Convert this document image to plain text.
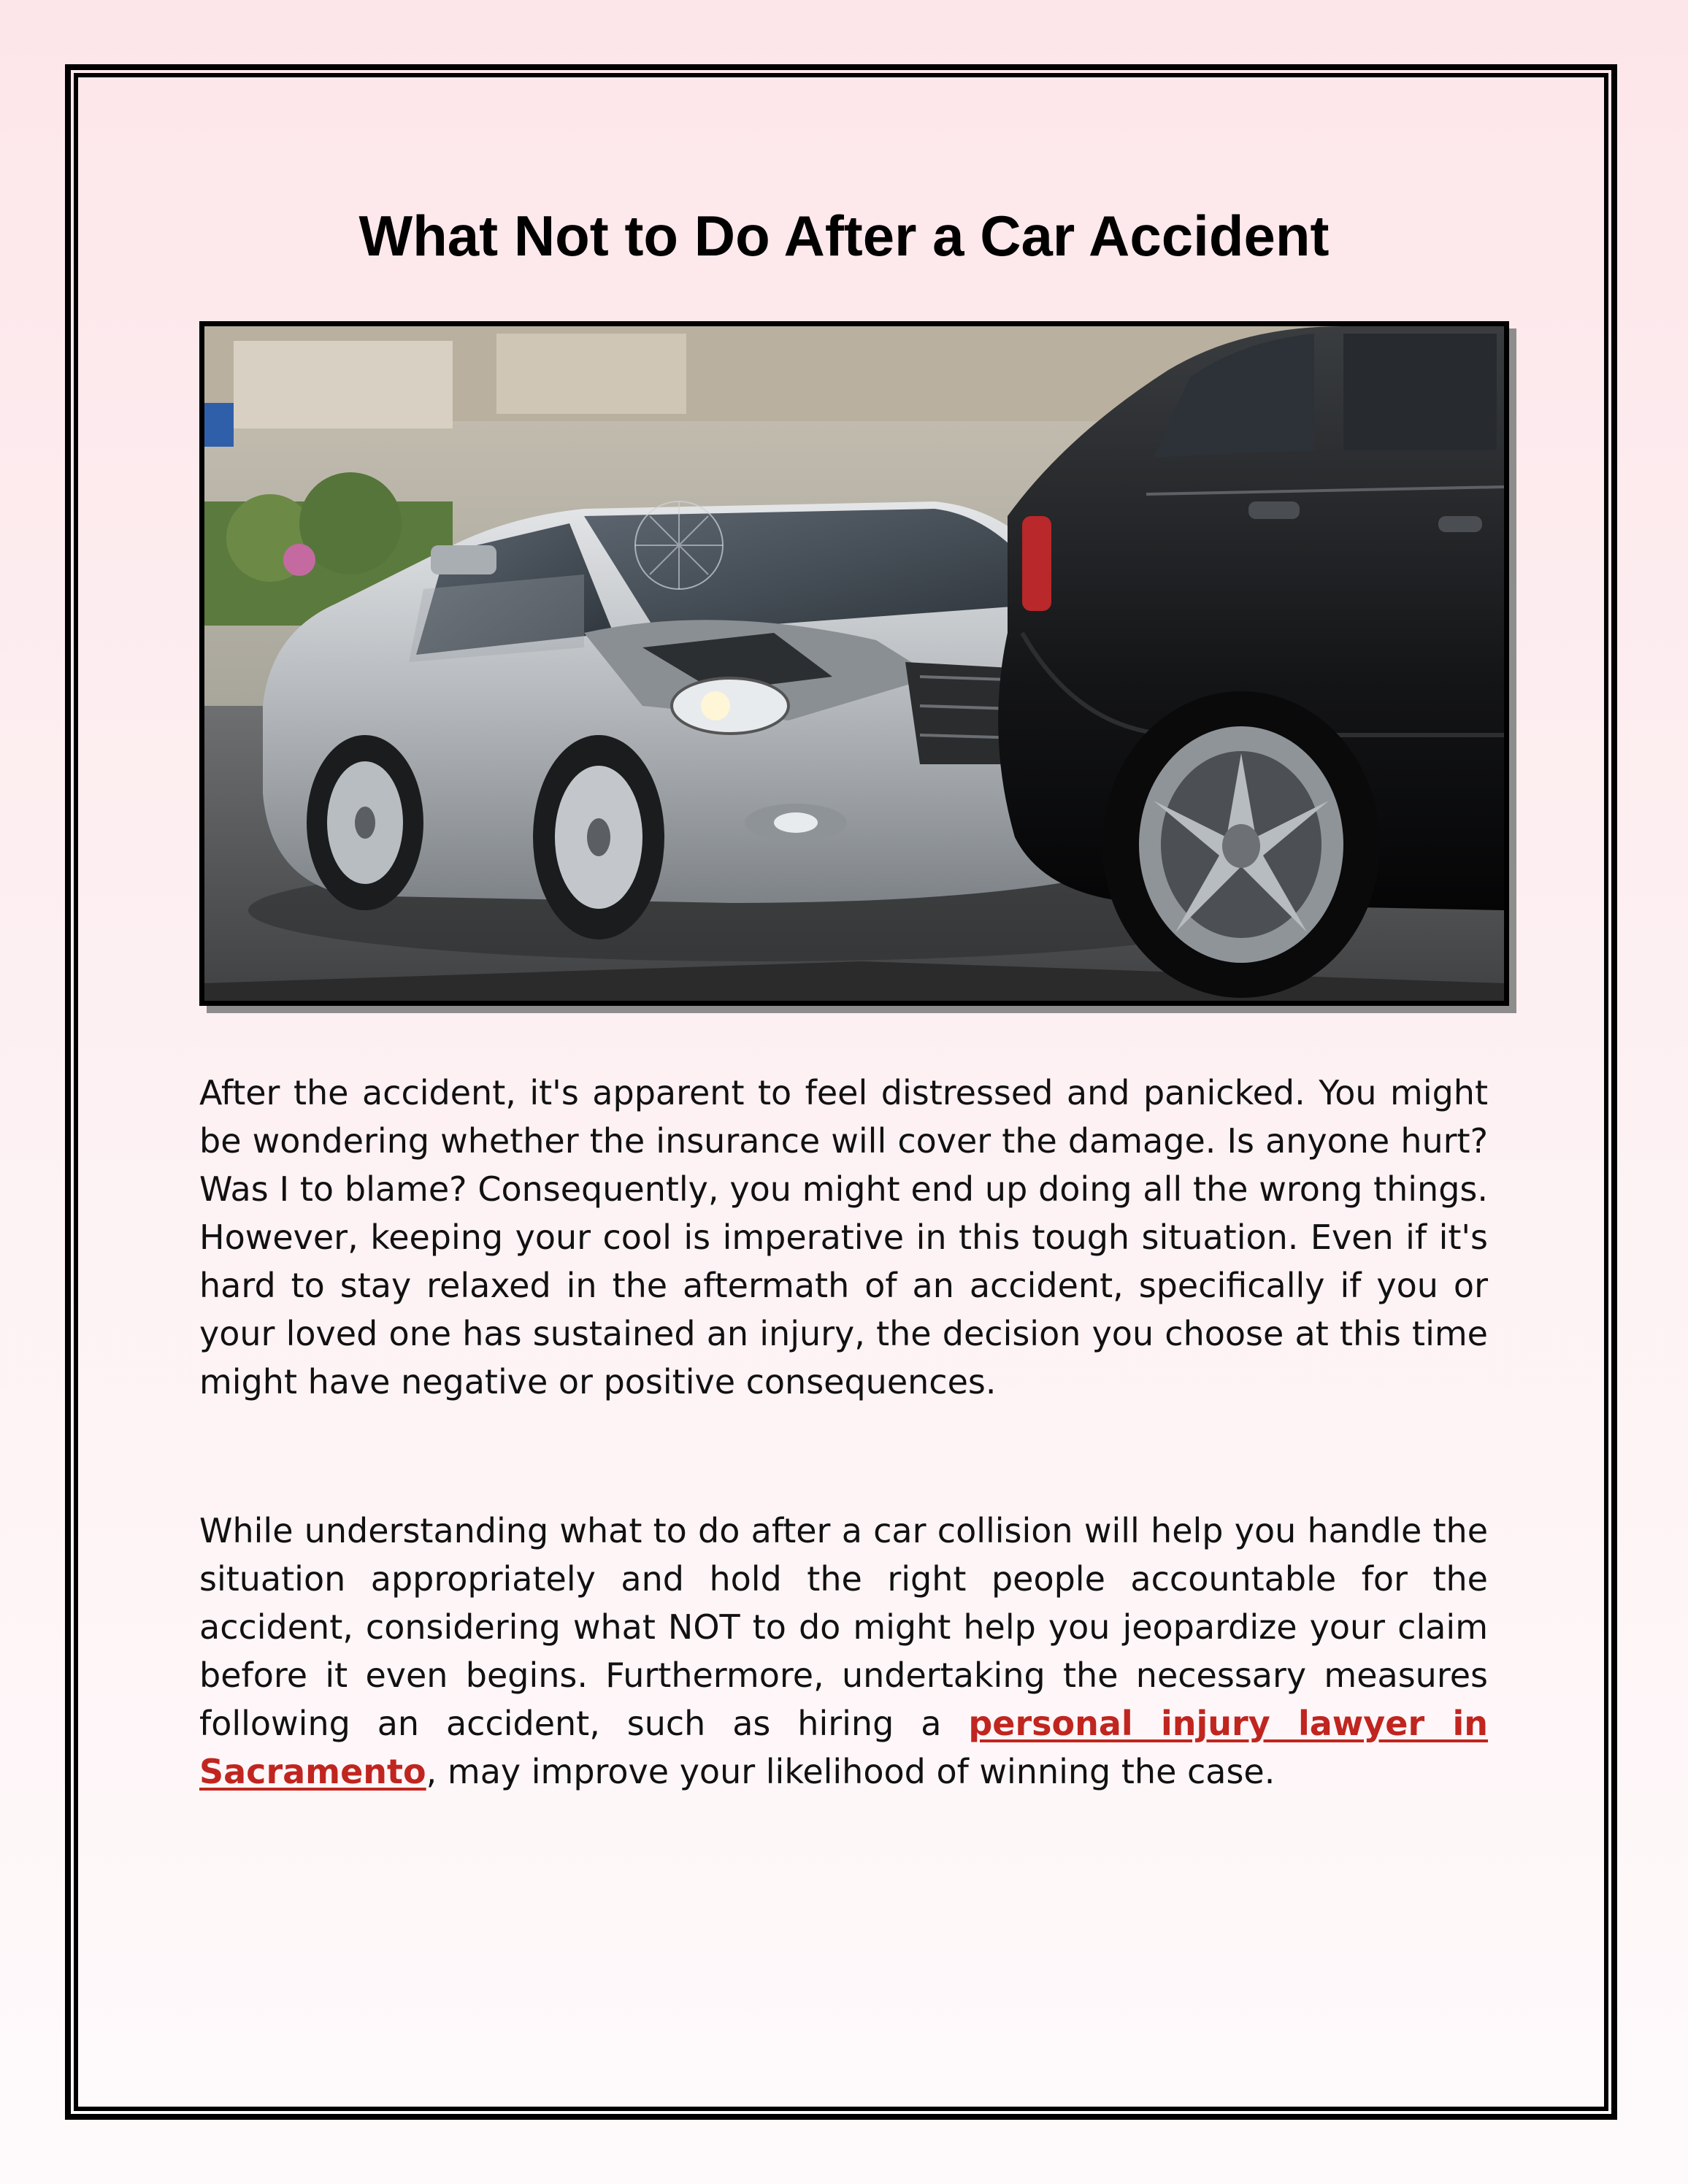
What Not to Do After a Car Accident

After the accident, it's apparent to feel distressed and panicked. You might be wondering whether the insurance will cover the damage. Is anyone hurt? Was I to blame? Consequently, you might end up doing all the wrong things. However, keeping your cool is imperative in this tough situation. Even if it's hard to stay relaxed in the aftermath of an accident, specifically if you or your loved one has sustained an injury, the decision you choose at this time might have negative or positive consequences.

While understanding what to do after a car collision will help you handle the situation appropriately and hold the right people accountable for the accident, considering what NOT to do might help you jeopardize your claim before it even begins. Furthermore, undertaking the necessary measures following an accident, such as hiring a personal injury lawyer in Sacramento, may improve your likelihood of winning the case.
